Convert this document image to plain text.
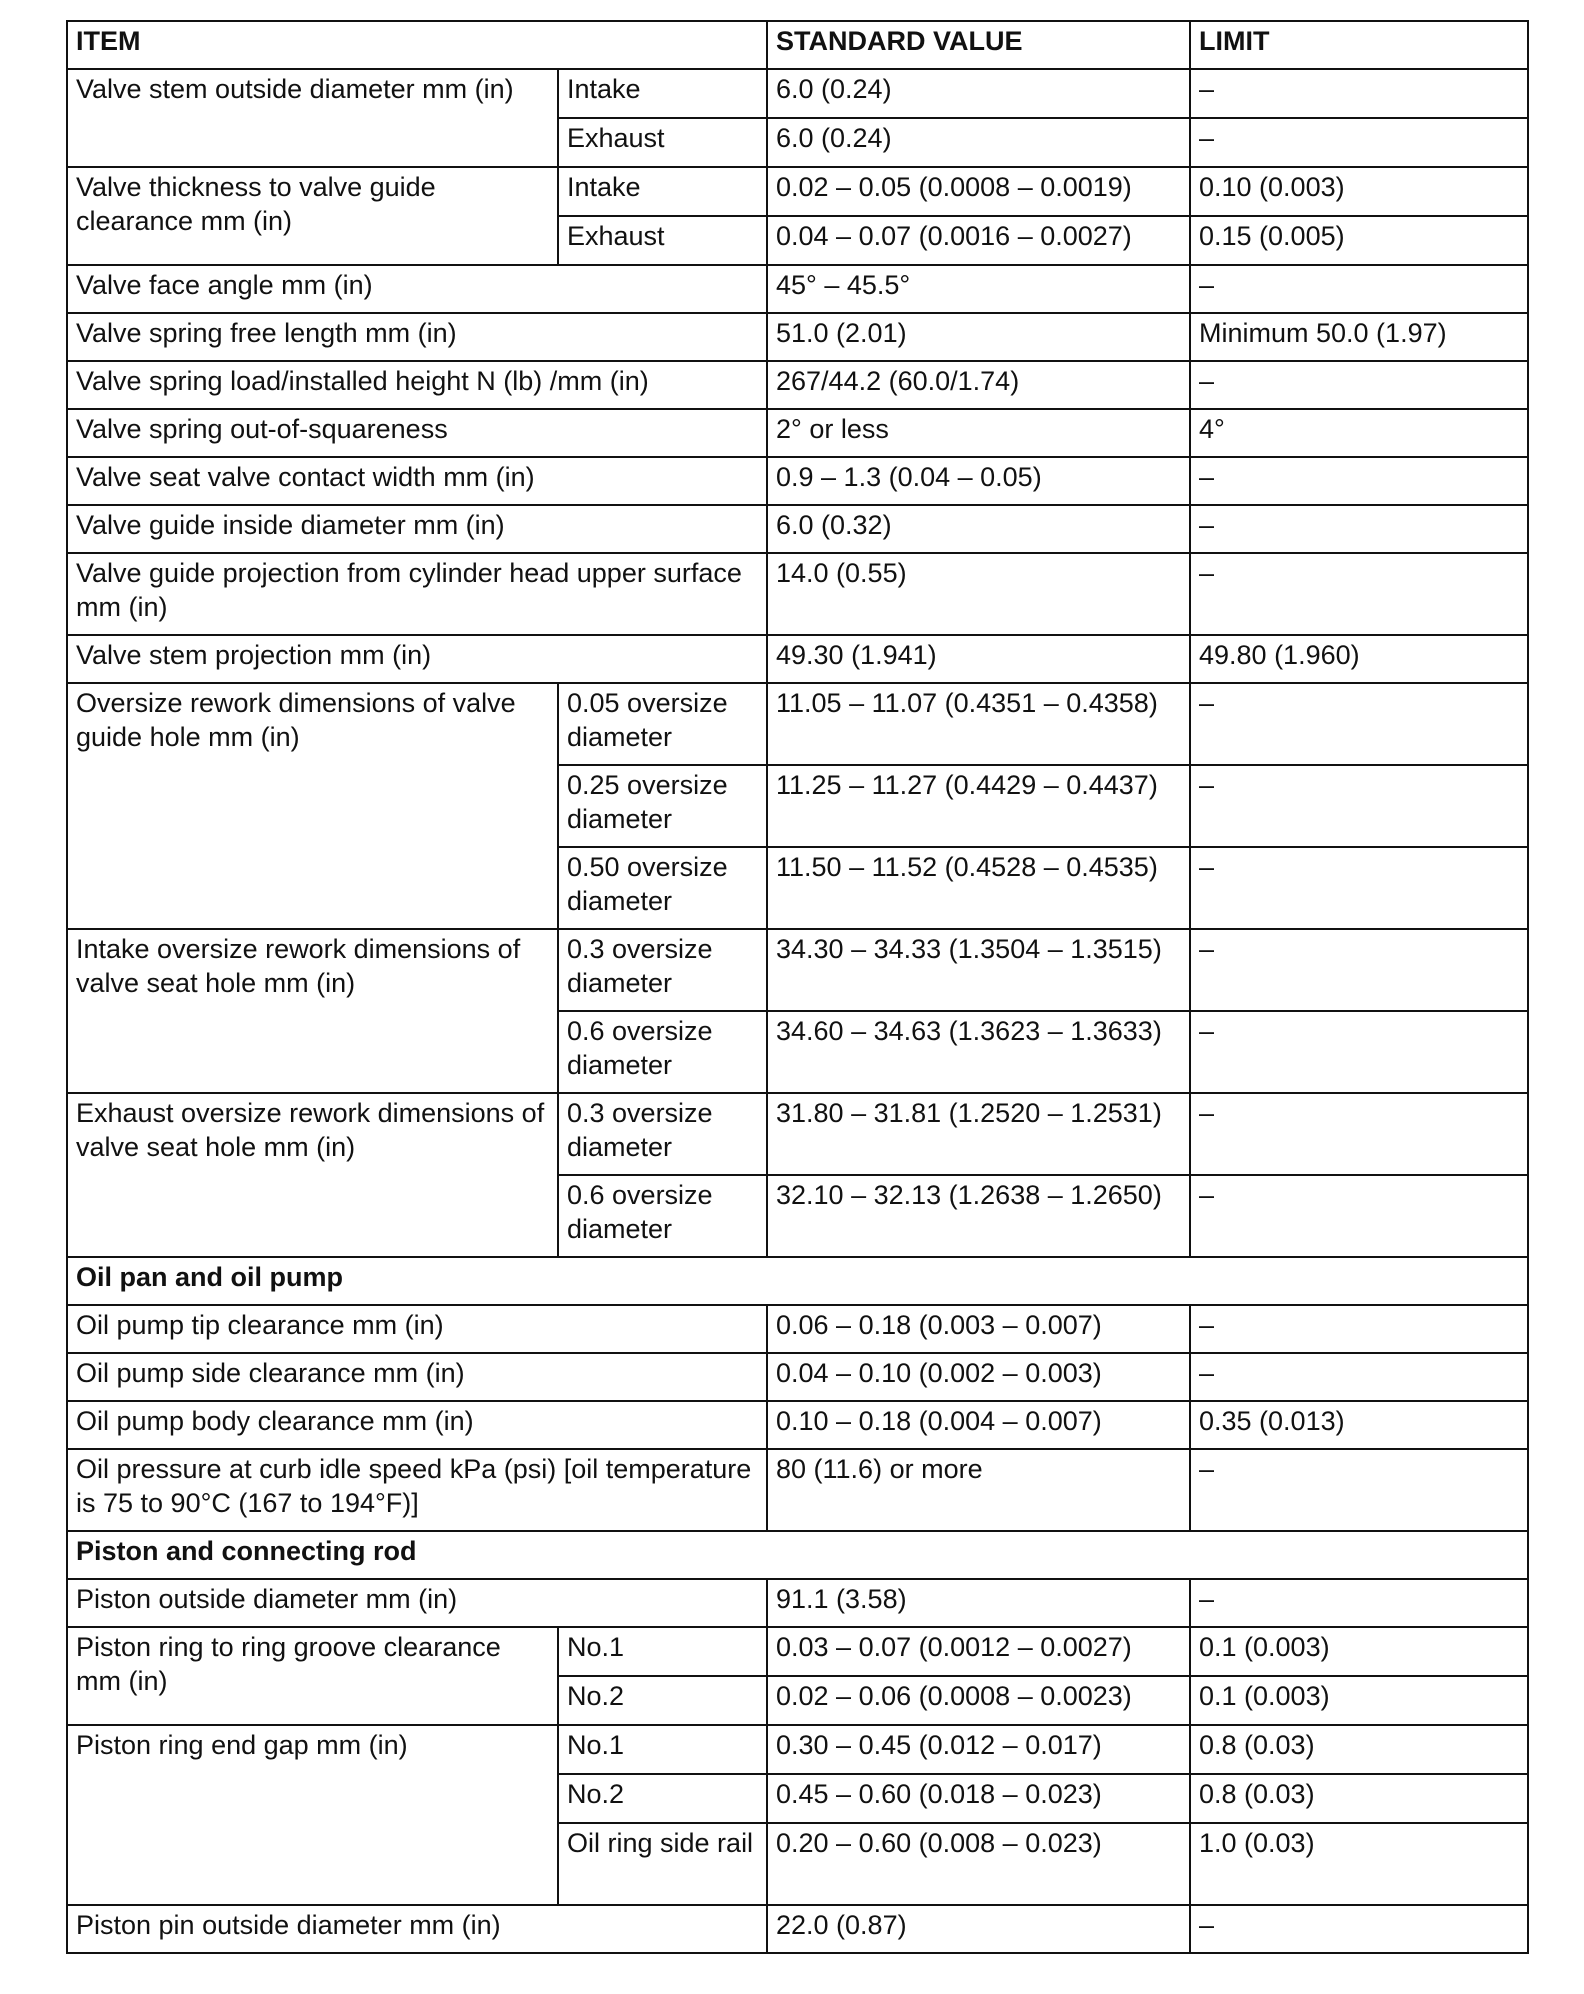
ITEM		STANDARD VALUE	LIMIT
Valve stem outside diameter mm (in)	Intake	6.0 (0.24)	–
	Exhaust	6.0 (0.24)	–
Valve thickness to valve guide clearance mm (in)	Intake	0.02 – 0.05 (0.0008 – 0.0019)	0.10 (0.003)
	Exhaust	0.04 – 0.07 (0.0016 – 0.0027)	0.15 (0.005)
Valve face angle mm (in)		45° – 45.5°	–
Valve spring free length mm (in)		51.0 (2.01)	Minimum 50.0 (1.97)
Valve spring load/installed height N (lb) /mm (in)		267/44.2 (60.0/1.74)	–
Valve spring out-of-squareness		2° or less	4°
Valve seat valve contact width mm (in)		0.9 – 1.3 (0.04 – 0.05)	–
Valve guide inside diameter mm (in)		6.0 (0.32)	–
Valve guide projection from cylinder head upper surface mm (in)		14.0 (0.55)	–
Valve stem projection mm (in)		49.30 (1.941)	49.80 (1.960)
Oversize rework dimensions of valve guide hole mm (in)	0.05 oversize diameter	11.05 – 11.07 (0.4351 – 0.4358)	–
	0.25 oversize diameter	11.25 – 11.27 (0.4429 – 0.4437)	–
	0.50 oversize diameter	11.50 – 11.52 (0.4528 – 0.4535)	–
Intake oversize rework dimensions of valve seat hole mm (in)	0.3 oversize diameter	34.30 – 34.33 (1.3504 – 1.3515)	–
	0.6 oversize diameter	34.60 – 34.63 (1.3623 – 1.3633)	–
Exhaust oversize rework dimensions of valve seat hole mm (in)	0.3 oversize diameter	31.80 – 31.81 (1.2520 – 1.2531)	–
	0.6 oversize diameter	32.10 – 32.13 (1.2638 – 1.2650)	–
Oil pan and oil pump			
Oil pump tip clearance mm (in)		0.06 – 0.18 (0.003 – 0.007)	–
Oil pump side clearance mm (in)		0.04 – 0.10 (0.002 – 0.003)	–
Oil pump body clearance mm (in)		0.10 – 0.18 (0.004 – 0.007)	0.35 (0.013)
Oil pressure at curb idle speed kPa (psi) [oil temperature is 75 to 90°C (167 to 194°F)]		80 (11.6) or more	–
Piston and connecting rod			
Piston outside diameter mm (in)		91.1 (3.58)	–
Piston ring to ring groove clearance mm (in)	No.1	0.03 – 0.07 (0.0012 – 0.0027)	0.1 (0.003)
	No.2	0.02 – 0.06 (0.0008 – 0.0023)	0.1 (0.003)
Piston ring end gap mm (in)	No.1	0.30 – 0.45 (0.012 – 0.017)	0.8 (0.03)
	No.2	0.45 – 0.60 (0.018 – 0.023)	0.8 (0.03)
	Oil ring side rail	0.20 – 0.60 (0.008 – 0.023)	1.0 (0.03)
Piston pin outside diameter mm (in)		22.0 (0.87)	–
